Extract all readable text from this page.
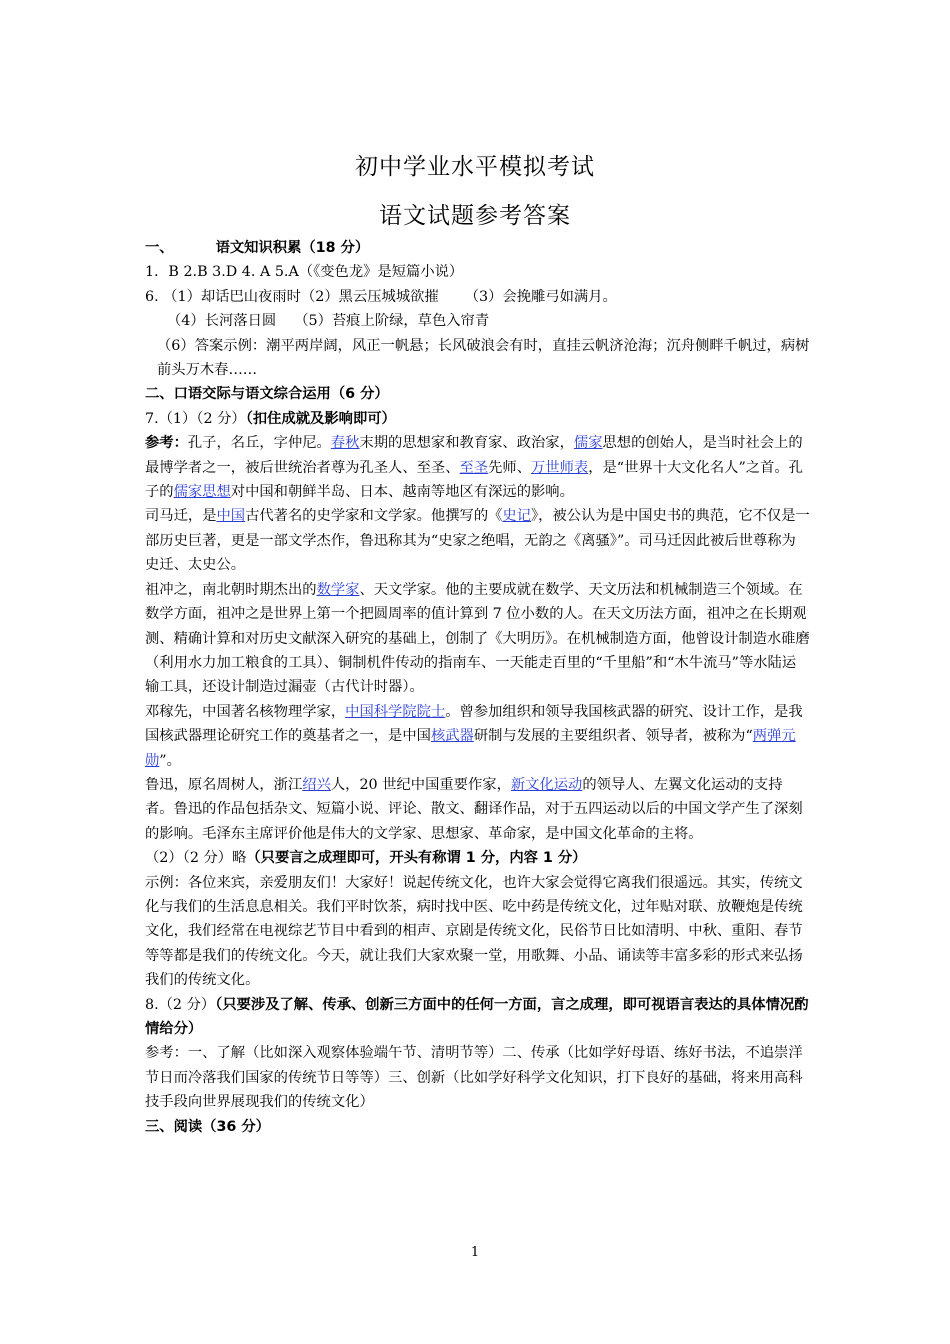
初中学业水平模拟考试
语文试题参考答案

一、	语文知识积累（18 分）

1．B 2.B 3.D 4. A 5.A（《变色龙》是短篇小说）

6. （1）却话巴山夜雨时（2）黑云压城城欲摧 （3）会挽雕弓如满月。

（4）长河落日圆 （5）苔痕上阶绿，草色入帘青

（6）答案示例：潮平两岸阔，风正一帆悬；长风破浪会有时，直挂云帆济沧海；沉舟侧畔千帆过，病树前头万木春……

二、口语交际与语文综合运用（6 分）

7.（1）（2 分）（扣住成就及影响即可）

参考：孔子，名丘，字仲尼。春秋末期的思想家和教育家、政治家，儒家思想的创始人，是当时社会上的最博学者之一，被后世统治者尊为孔圣人、至圣、至圣先师、万世师表，是“世界十大文化名人”之首。孔子的儒家思想对中国和朝鲜半岛、日本、越南等地区有深远的影响。

司马迁，是中国古代著名的史学家和文学家。他撰写的《史记》，被公认为是中国史书的典范，它不仅是一部历史巨著，更是一部文学杰作，鲁迅称其为“史家之绝唱，无韵之《离骚》”。司马迁因此被后世尊称为史迁、太史公。

祖冲之，南北朝时期杰出的数学家、天文学家。他的主要成就在数学、天文历法和机械制造三个领域。在数学方面，祖冲之是世界上第一个把圆周率的值计算到 7 位小数的人。在天文历法方面，祖冲之在长期观测、精确计算和对历史文献深入研究的基础上，创制了《大明历》。在机械制造方面，他曾设计制造水碓磨（利用水力加工粮食的工具）、铜制机件传动的指南车、一天能走百里的“千里船”和“木牛流马”等水陆运输工具，还设计制造过漏壶（古代计时器）。

邓稼先，中国著名核物理学家，中国科学院院士。曾参加组织和领导我国核武器的研究、设计工作，是我国核武器理论研究工作的奠基者之一，是中国核武器研制与发展的主要组织者、领导者，被称为“两弹元勋”。

鲁迅，原名周树人，浙江绍兴人，20 世纪中国重要作家，新文化运动的领导人、左翼文化运动的支持者。鲁迅的作品包括杂文、短篇小说、评论、散文、翻译作品，对于五四运动以后的中国文学产生了深刻的影响。毛泽东主席评价他是伟大的文学家、思想家、革命家，是中国文化革命的主将。

（2）（2 分）略（只要言之成理即可，开头有称谓 1 分，内容 1 分）

示例：各位来宾，亲爱朋友们！大家好！说起传统文化，也许大家会觉得它离我们很遥远。其实，传统文化与我们的生活息息相关。我们平时饮茶，病时找中医、吃中药是传统文化，过年贴对联、放鞭炮是传统文化，我们经常在电视综艺节目中看到的相声、京剧是传统文化，民俗节日比如清明、中秋、重阳、春节等等都是我们的传统文化。今天，就让我们大家欢聚一堂，用歌舞、小品、诵读等丰富多彩的形式来弘扬我们的传统文化。

8.（2 分）（只要涉及了解、传承、创新三方面中的任何一方面，言之成理，即可视语言表达的具体情况酌情给分）

参考：一、了解（比如深入观察体验端午节、清明节等）二、传承（比如学好母语、练好书法，不追崇洋节日而冷落我们国家的传统节日等等）三、创新（比如学好科学文化知识，打下良好的基础，将来用高科技手段向世界展现我们的传统文化）

三、阅读（36 分）

1
